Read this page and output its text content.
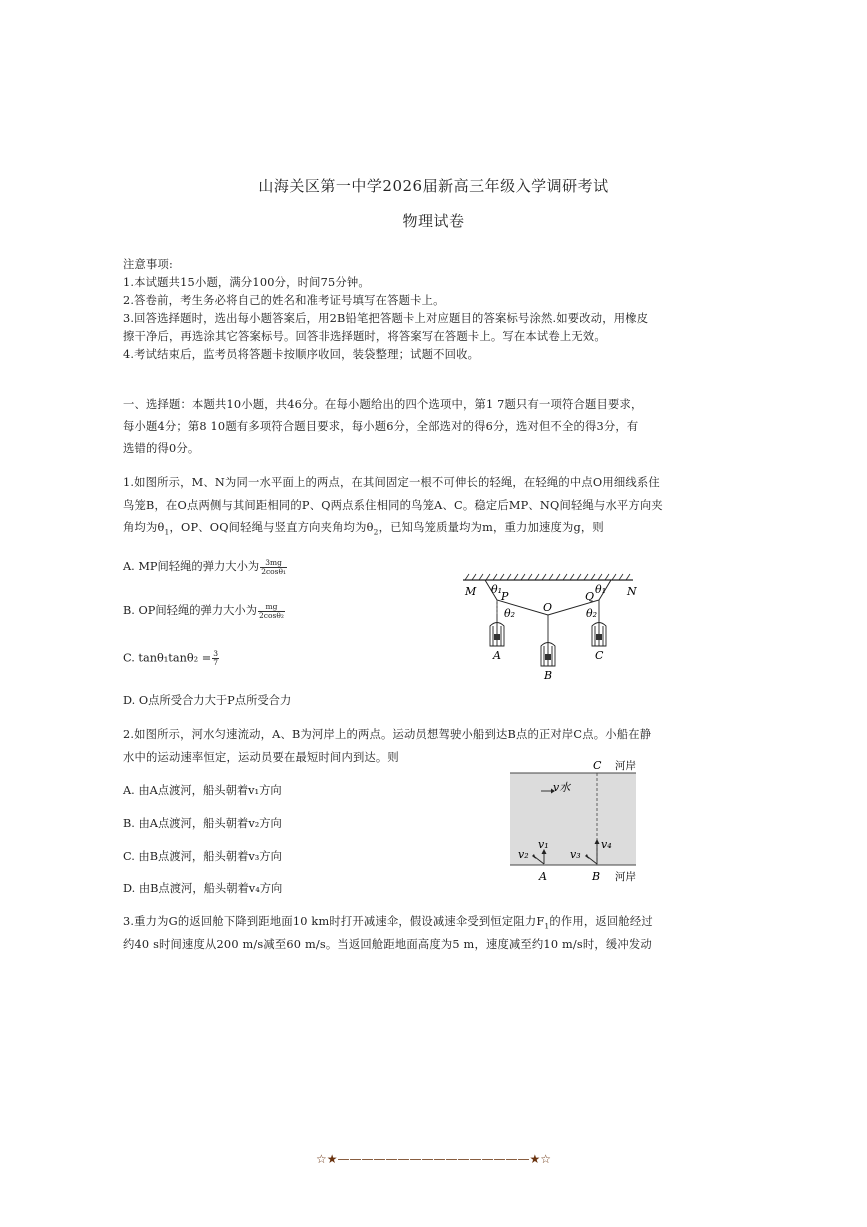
山海关区第一中学2026届新高三年级入学调研考试
物理试卷
注意事项:
1.本试题共15小题，满分100分，时间75分钟。
2.答卷前，考生务必将自己的姓名和准考证号填写在答题卡上。
3.回答选择题时，选出每小题答案后，用2B铅笔把答题卡上对应题目的答案标号涂然.如要改动，用橡皮
擦干净后，再选涂其它答案标号。回答非选择题时，将答案写在答题卡上。写在本试卷上无效。
4.考试结束后，监考员将答题卡按顺序收回，装袋整理；试题不回收。
一、选择题：本题共10小题，共46分。在每小题给出的四个选项中，第1 7题只有一项符合题目要求，
每小题4分；第8 10题有多项符合题目要求，每小题6分，全部选对的得6分，选对但不全的得3分，有
选错的得0分。
1.如图所示，M、N为同一水平面上的两点，在其间固定一根不可伸长的轻绳，在轻绳的中点O用细线系住
鸟笼B，在O点两侧与其间距相同的P、Q两点系住相同的鸟笼A、C。稳定后MP、NQ间轻绳与水平方向夹
角均为$\theta_1$，OP、OQ间轻绳与竖直方向夹角均为$\theta_2$，已知鸟笼质量均为m，重力加速度为g，则
A. MP间轻绳的弹力大小为 $\frac{3mg}{\text{2cosθ₁}}$
B. OP间轻绳的弹力大小为 $\frac{mg}{\text{2cosθ₂}}$
C. $\tan\theta_1\tan\theta_2 = \frac{3}{7}$
D. O点所受合力大于P点所受合力
M	N
P	Q
O
θ₁	θ₁
θ₂	θ₂
A
B
C
2.如图所示，河水匀速流动，A、B为河岸上的两点。运动员想驾驶小船到达B点的正对岸C点。小船在静
水中的运动速率恒定，运动员要在最短时间内到达。则
A. 由A点渡河，船头朝着v₁方向
B. 由A点渡河，船头朝着v₂方向
C. 由B点渡河，船头朝着v₃方向
D. 由B点渡河，船头朝着v₄方向
C 河岸
v水
v₁
v₂	v₃
v₄
A	B 河岸
3.重力为G的返回舱下降到距地面10 km时打开减速伞，假设减速伞受到恒定阻力$F_1$的作用，返回舱经过
约40 s时间速度从200 m/s减至60 m/s。当返回舱距地面高度为5 m，速度减至约10 m/s时，缓冲发动
☆★————————————————★☆
